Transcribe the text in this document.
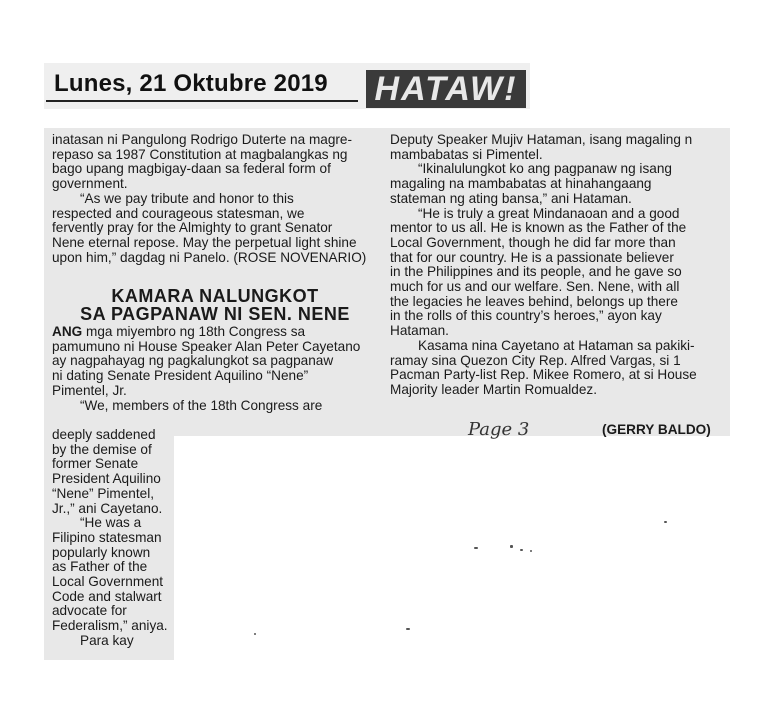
Lunes, 21 Oktubre 2019 HATAW!

inatasan ni Pangulong Rodrigo Duterte na magre-

repaso sa 1987 Constitution at magbalangkas ng

bago upang magbigay-daan sa federal form of

government.

“As we pay tribute and honor to this

respected and courageous statesman, we

fervently pray for the Almighty to grant Senator

Nene eternal repose. May the perpetual light shine

upon him,” dagdag ni Panelo. (ROSE NOVENARIO)

KAMARA NALUNGKOT
SA PAGPANAW NI SEN. NENE

ANG mga miyembro ng 18th Congress sa

pamumuno ni House Speaker Alan Peter Cayetano

ay nagpahayag ng pagkalungkot sa pagpanaw

ni dating Senate President Aquilino “Nene”

Pimentel, Jr.

“We, members of the 18th Congress are

deeply saddened

by the demise of

former Senate

President Aquilino

“Nene” Pimentel,

Jr.,” ani Cayetano.

“He was a

Filipino statesman

popularly known

as Father of the

Local Government

Code and stalwart

advocate for

Federalism,” aniya.

Para kay

Deputy Speaker Mujiv Hataman, isang magaling n

mambabatas si Pimentel.

“Ikinalulungkot ko ang pagpanaw ng isang

magaling na mambabatas at hinahangaang

stateman ng ating bansa,” ani Hataman.

“He is truly a great Mindanaoan and a good

mentor to us all. He is known as the Father of the

Local Government, though he did far more than

that for our country. He is a passionate believer

in the Philippines and its people, and he gave so

much for us and our welfare. Sen. Nene, with all

the legacies he leaves behind, belongs up there

in the rolls of this country’s heroes,” ayon kay

Hataman.

Kasama nina Cayetano at Hataman sa pakiki-

ramay sina Quezon City Rep. Alfred Vargas, si 1

Pacman Party-list Rep. Mikee Romero, at si House

Majority leader Martin Romualdez.

Page 3	(GERRY BALDO)
